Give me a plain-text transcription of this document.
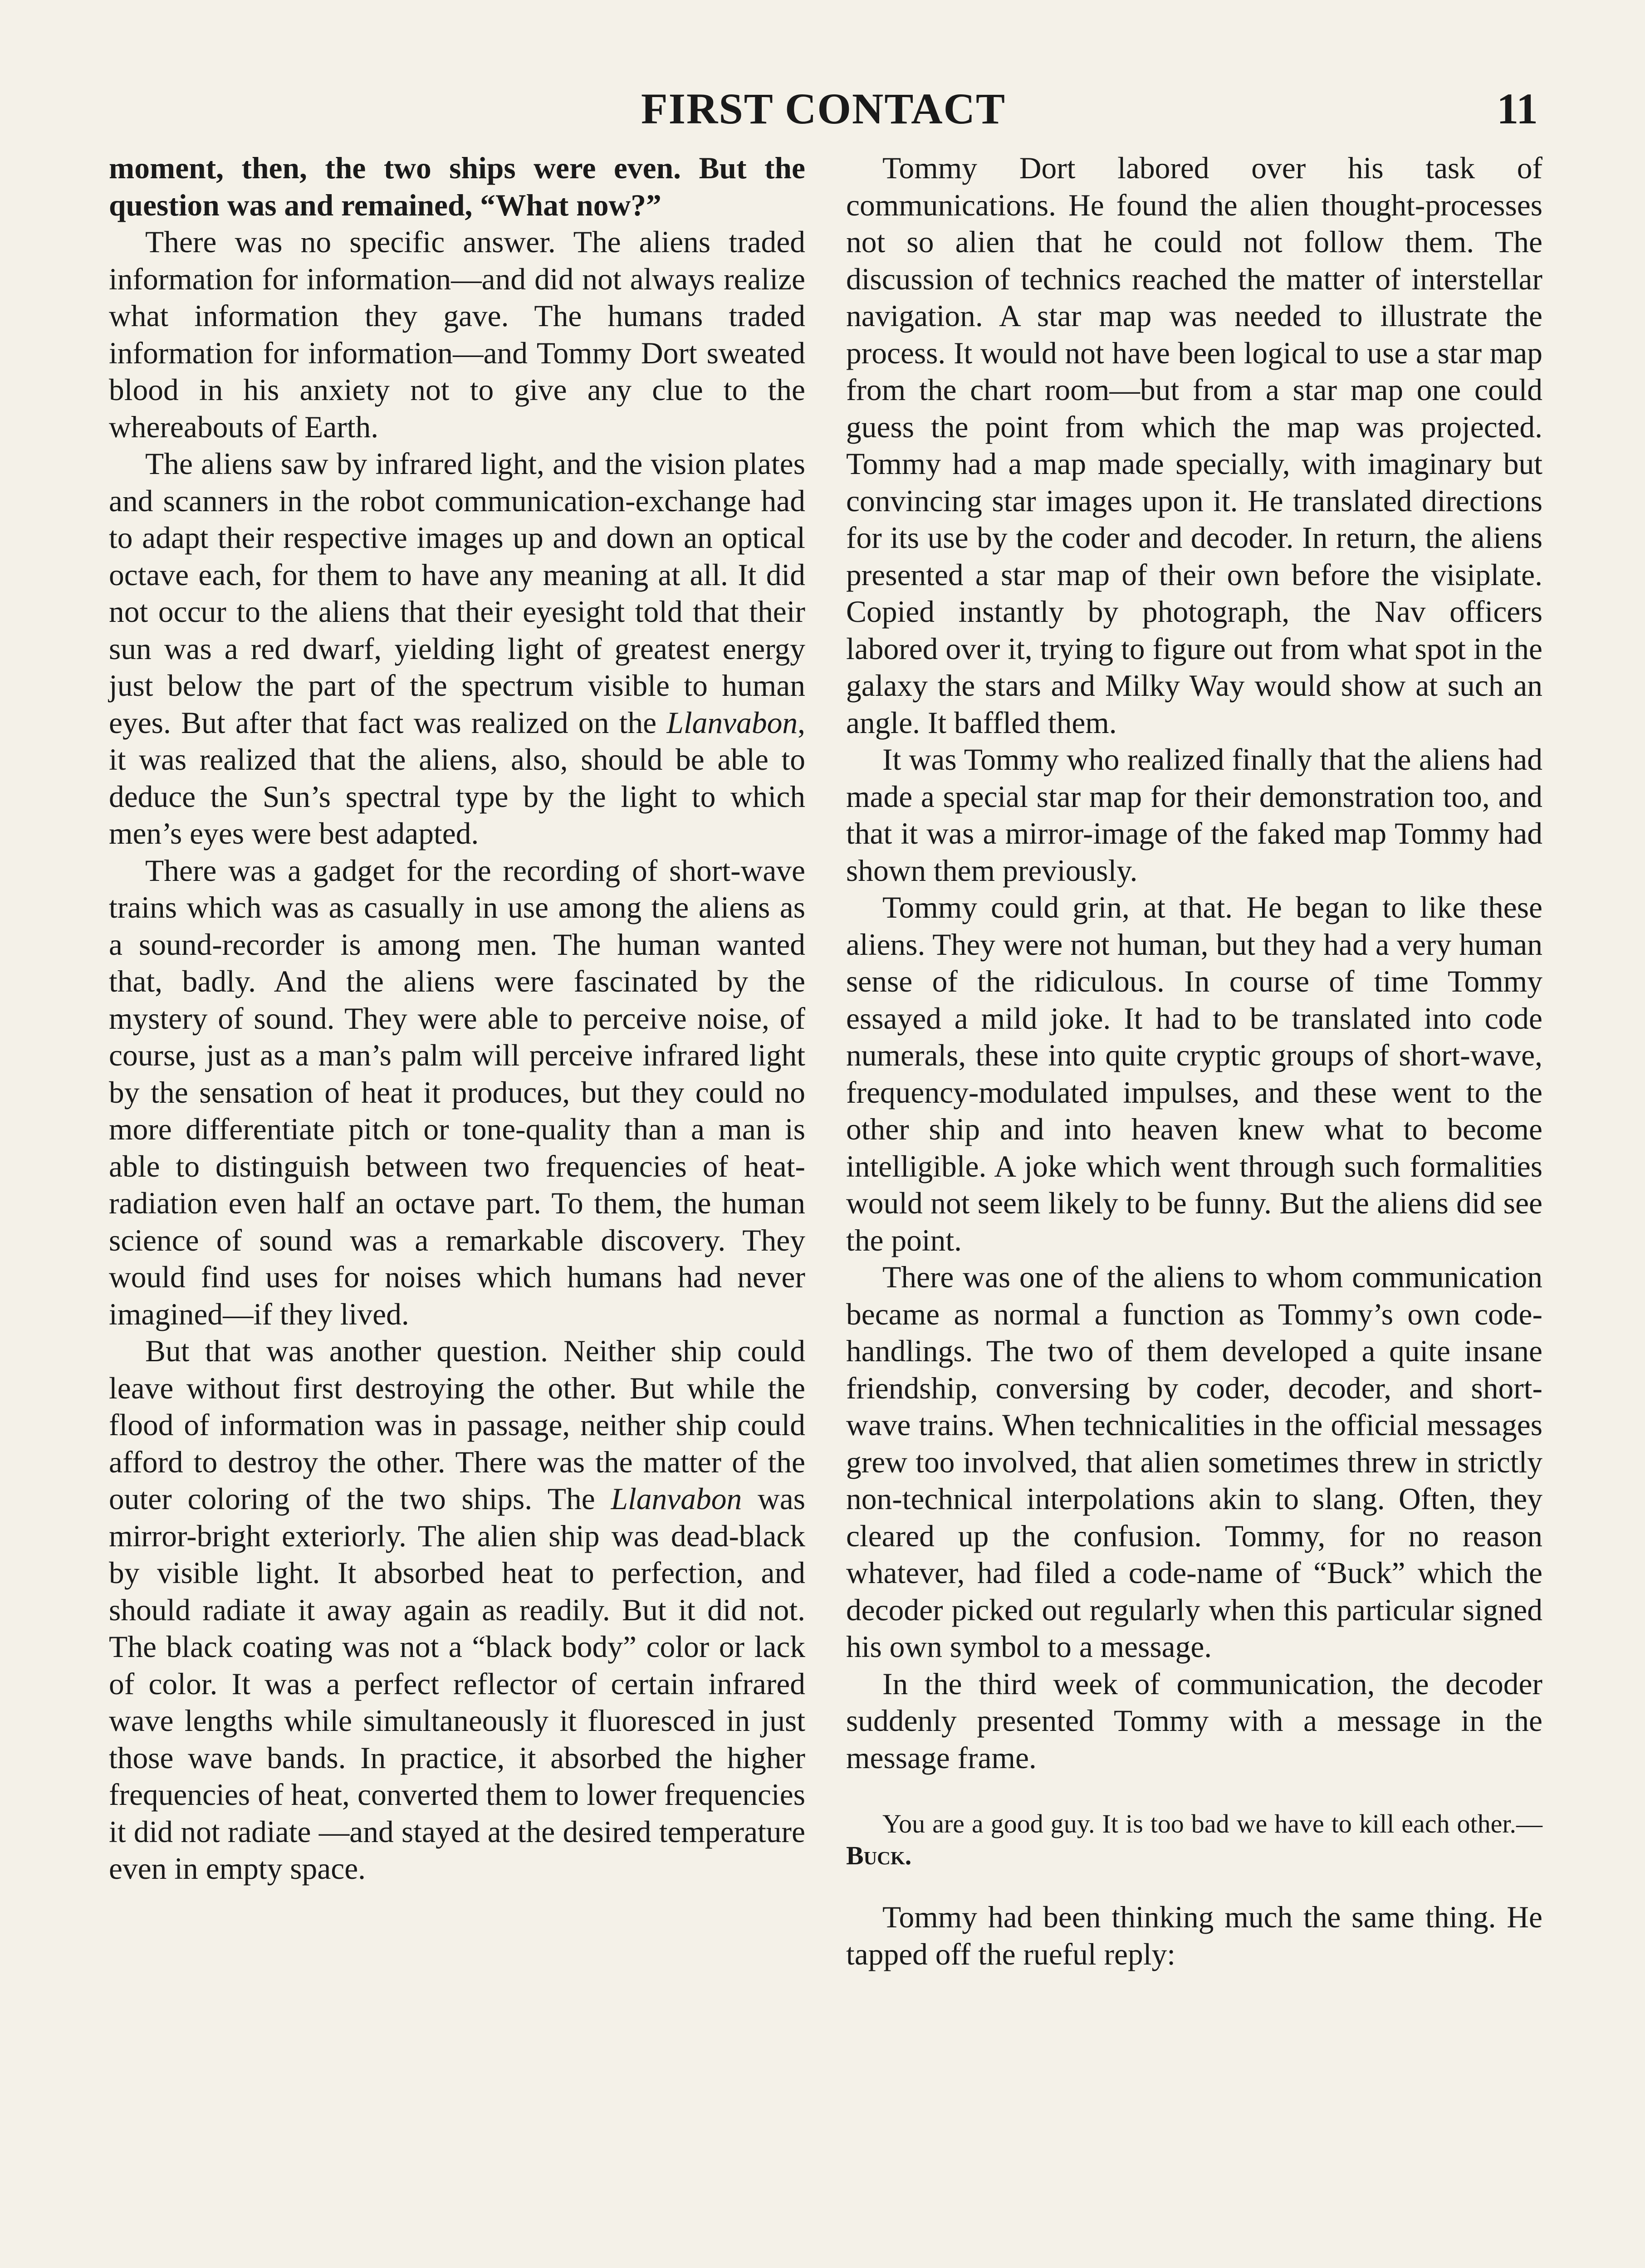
FIRST CONTACT	11

moment, then, the two ships were even. But the question was and remained, “What now?”

There was no specific answer. The aliens traded information for information—and did not always realize what information they gave. The humans traded information for information—and Tommy Dort sweated blood in his anxiety not to give any clue to the whereabouts of Earth.

The aliens saw by infrared light, and the vision plates and scanners in the robot communication-exchange had to adapt their respective images up and down an optical octave each, for them to have any meaning at all. It did not occur to the aliens that their eyesight told that their sun was a red dwarf, yielding light of greatest energy just below the part of the spectrum visible to human eyes. But after that fact was realized on the Llanvabon, it was realized that the aliens, also, should be able to deduce the Sun’s spectral type by the light to which men’s eyes were best adapted.

There was a gadget for the recording of short-wave trains which was as casually in use among the aliens as a sound-recorder is among men. The human wanted that, badly. And the aliens were fascinated by the mystery of sound. They were able to perceive noise, of course, just as a man’s palm will perceive infrared light by the sensation of heat it produces, but they could no more differentiate pitch or tone-quality than a man is able to distinguish between two frequencies of heat-radiation even half an octave part. To them, the human science of sound was a remarkable discovery. They would find uses for noises which humans had never imagined—if they lived.

But that was another question. Neither ship could leave without first destroying the other. But while the flood of information was in passage, neither ship could afford to destroy the other. There was the matter of the outer coloring of the two ships. The Llanvabon was mirror-bright exteriorly. The alien ship was dead-black by visible light. It absorbed heat to perfection, and should radiate it away again as readily. But it did not. The black coating was not a “black body” color or lack of color. It was a perfect reflector of certain infrared wave lengths while simultaneously it fluoresced in just those wave bands. In practice, it absorbed the higher frequencies of heat, converted them to lower frequencies it did not radiate —and stayed at the desired temperature even in empty space.

Tommy Dort labored over his task of communications. He found the alien thought-processes not so alien that he could not follow them. The discussion of technics reached the matter of interstellar navigation. A star map was needed to illustrate the process. It would not have been logical to use a star map from the chart room—but from a star map one could guess the point from which the map was projected. Tommy had a map made specially, with imaginary but convincing star images upon it. He translated directions for its use by the coder and decoder. In return, the aliens presented a star map of their own before the visiplate. Copied instantly by photograph, the Nav officers labored over it, trying to figure out from what spot in the galaxy the stars and Milky Way would show at such an angle. It baffled them.

It was Tommy who realized finally that the aliens had made a special star map for their demonstration too, and that it was a mirror-image of the faked map Tommy had shown them previously.

Tommy could grin, at that. He began to like these aliens. They were not human, but they had a very human sense of the ridiculous. In course of time Tommy essayed a mild joke. It had to be translated into code numerals, these into quite cryptic groups of short-wave, frequency-modulated impulses, and these went to the other ship and into heaven knew what to become intelligible. A joke which went through such formalities would not seem likely to be funny. But the aliens did see the point.

There was one of the aliens to whom communication became as normal a function as Tommy’s own code-handlings. The two of them developed a quite insane friendship, conversing by coder, decoder, and short-wave trains. When technicalities in the official messages grew too involved, that alien sometimes threw in strictly non-technical interpolations akin to slang. Often, they cleared up the confusion. Tommy, for no reason whatever, had filed a code-name of “Buck” which the decoder picked out regularly when this particular signed his own symbol to a message.

In the third week of communication, the decoder suddenly presented Tommy with a message in the message frame.

You are a good guy. It is too bad we have to kill each other.—Buck.

Tommy had been thinking much the same thing. He tapped off the rueful reply:
